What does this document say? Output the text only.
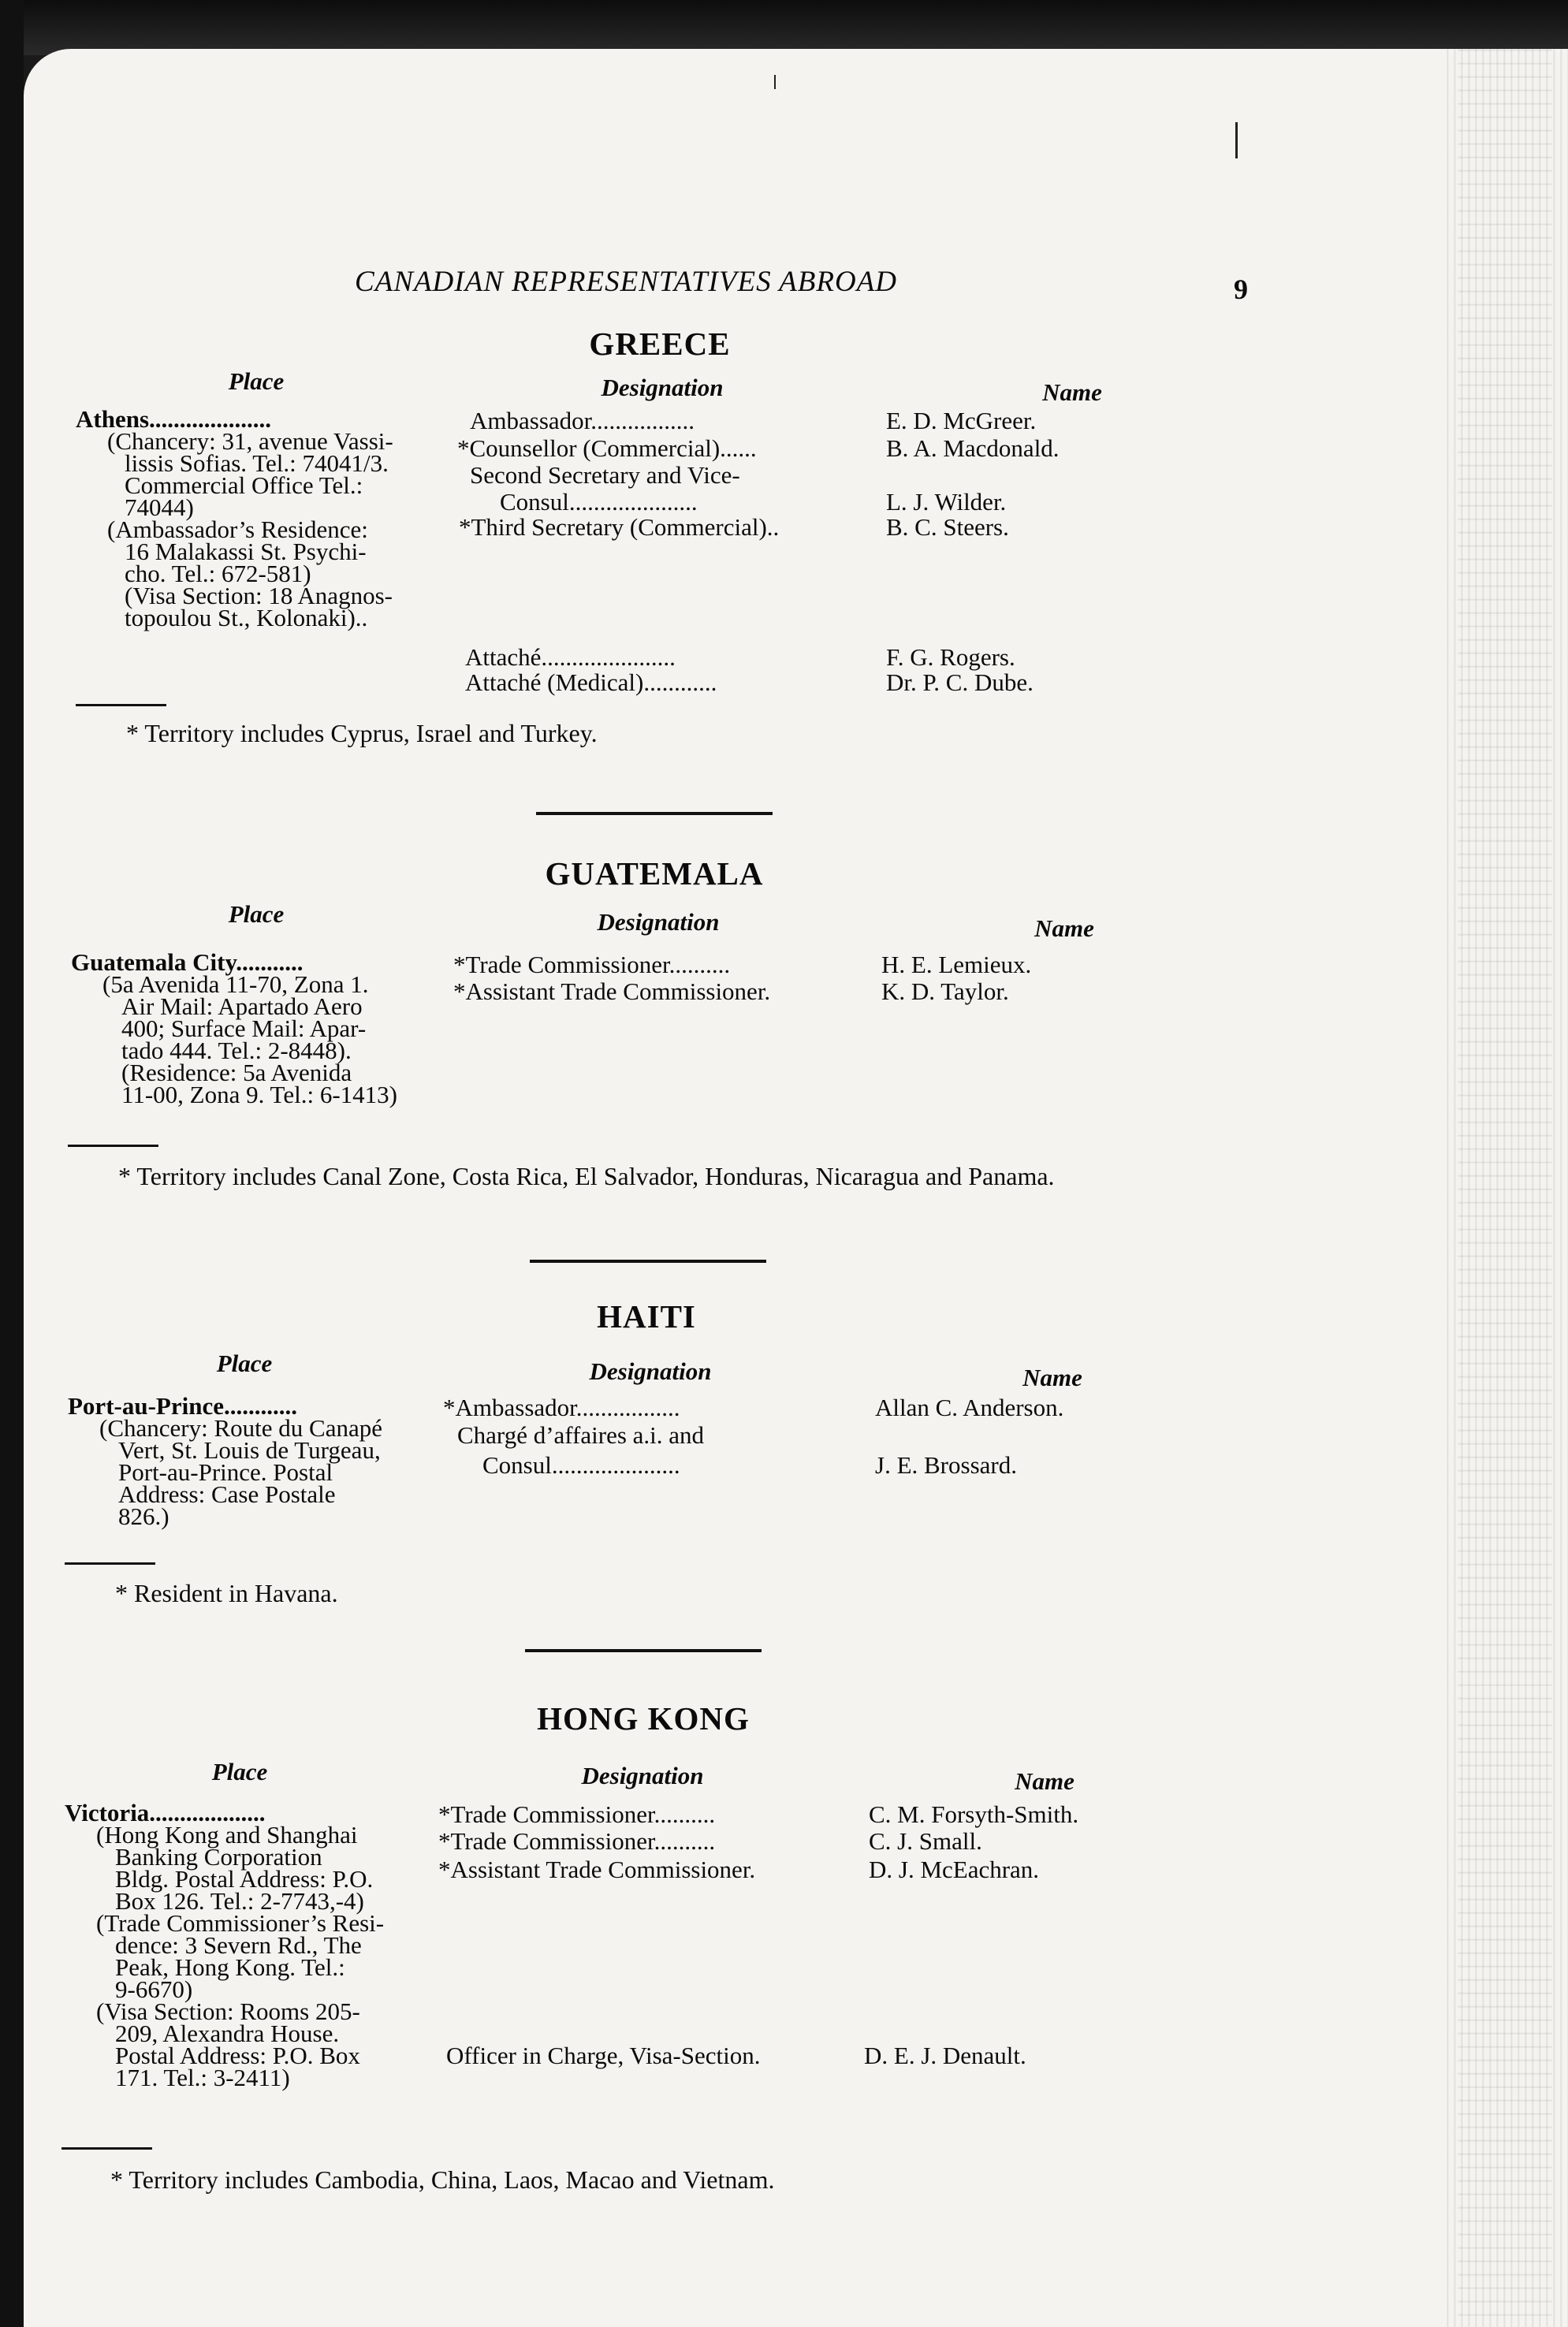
CANADIAN REPRESENTATIVES ABROAD	9
GREECE
Place	Designation	Name
Athens....................
(Chancery: 31, avenue Vassi-
lissis Sofias. Tel.: 74041/3.
Commercial Office Tel.:
74044)
(Ambassador’s Residence:
16 Malakassi St. Psychi-
cho. Tel.: 672-581)
(Visa Section: 18 Anagnos-
topoulou St., Kolonaki)..
Ambassador.................	E. D. McGreer.
*Counsellor (Commercial)......	B. A. Macdonald.
Second Secretary and Vice-
Consul.....................	L. J. Wilder.
*Third Secretary (Commercial)..	B. C. Steers.
Attaché......................	F. G. Rogers.
Attaché (Medical)............	Dr. P. C. Dube.
* Territory includes Cyprus, Israel and Turkey.
GUATEMALA
Place	Designation	Name
Guatemala City...........
(5a Avenida 11-70, Zona 1.
Air Mail: Apartado Aero
400; Surface Mail: Apar-
tado 444. Tel.: 2-8448).
(Residence: 5a Avenida
11-00, Zona 9. Tel.: 6-1413)
*Trade Commissioner..........	H. E. Lemieux.
*Assistant Trade Commissioner.	K. D. Taylor.
* Territory includes Canal Zone, Costa Rica, El Salvador, Honduras, Nicaragua and Panama.
HAITI
Place	Designation	Name
Port-au-Prince............
(Chancery: Route du Canapé
Vert, St. Louis de Turgeau,
Port-au-Prince. Postal
Address: Case Postale
826.)
*Ambassador.................	Allan C. Anderson.
Chargé d’affaires a.i. and
Consul.....................	J. E. Brossard.
* Resident in Havana.
HONG KONG
Place	Designation	Name
Victoria...................
(Hong Kong and Shanghai
Banking Corporation
Bldg. Postal Address: P.O.
Box 126. Tel.: 2-7743,-4)
(Trade Commissioner’s Resi-
dence: 3 Severn Rd., The
Peak, Hong Kong. Tel.:
9-6670)
(Visa Section: Rooms 205-
209, Alexandra House.
Postal Address: P.O. Box
171. Tel.: 3-2411)
*Trade Commissioner..........	C. M. Forsyth-Smith.
*Trade Commissioner..........	C. J. Small.
*Assistant Trade Commissioner.	D. J. McEachran.
Officer in Charge, Visa-Section.	D. E. J. Denault.
* Territory includes Cambodia, China, Laos, Macao and Vietnam.
